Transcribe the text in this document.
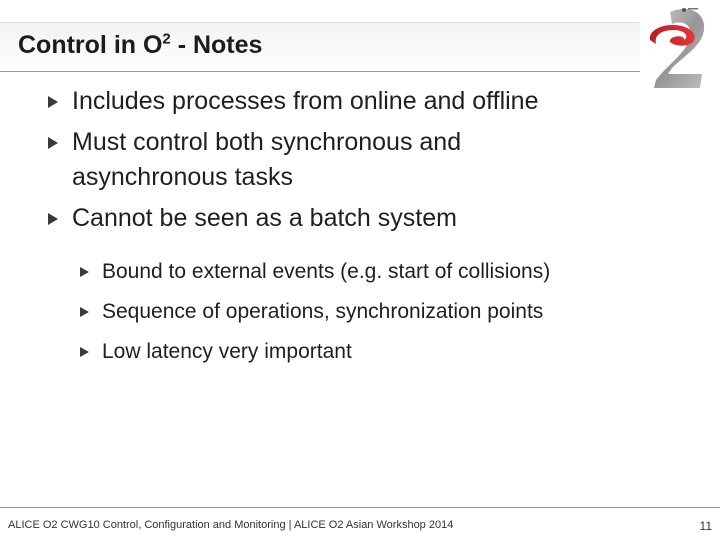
Control in $O^2$ - Notes
Includes processes from online and offline
Must control both synchronous and asynchronous tasks
Cannot be seen as a batch system
Bound to external events (e.g. start of collisions)
Sequence of operations, synchronization points
Low latency very important
ALICE O2 CWG10 Control, Configuration and Monitoring | ALICE O2 Asian Workshop 2014	11
